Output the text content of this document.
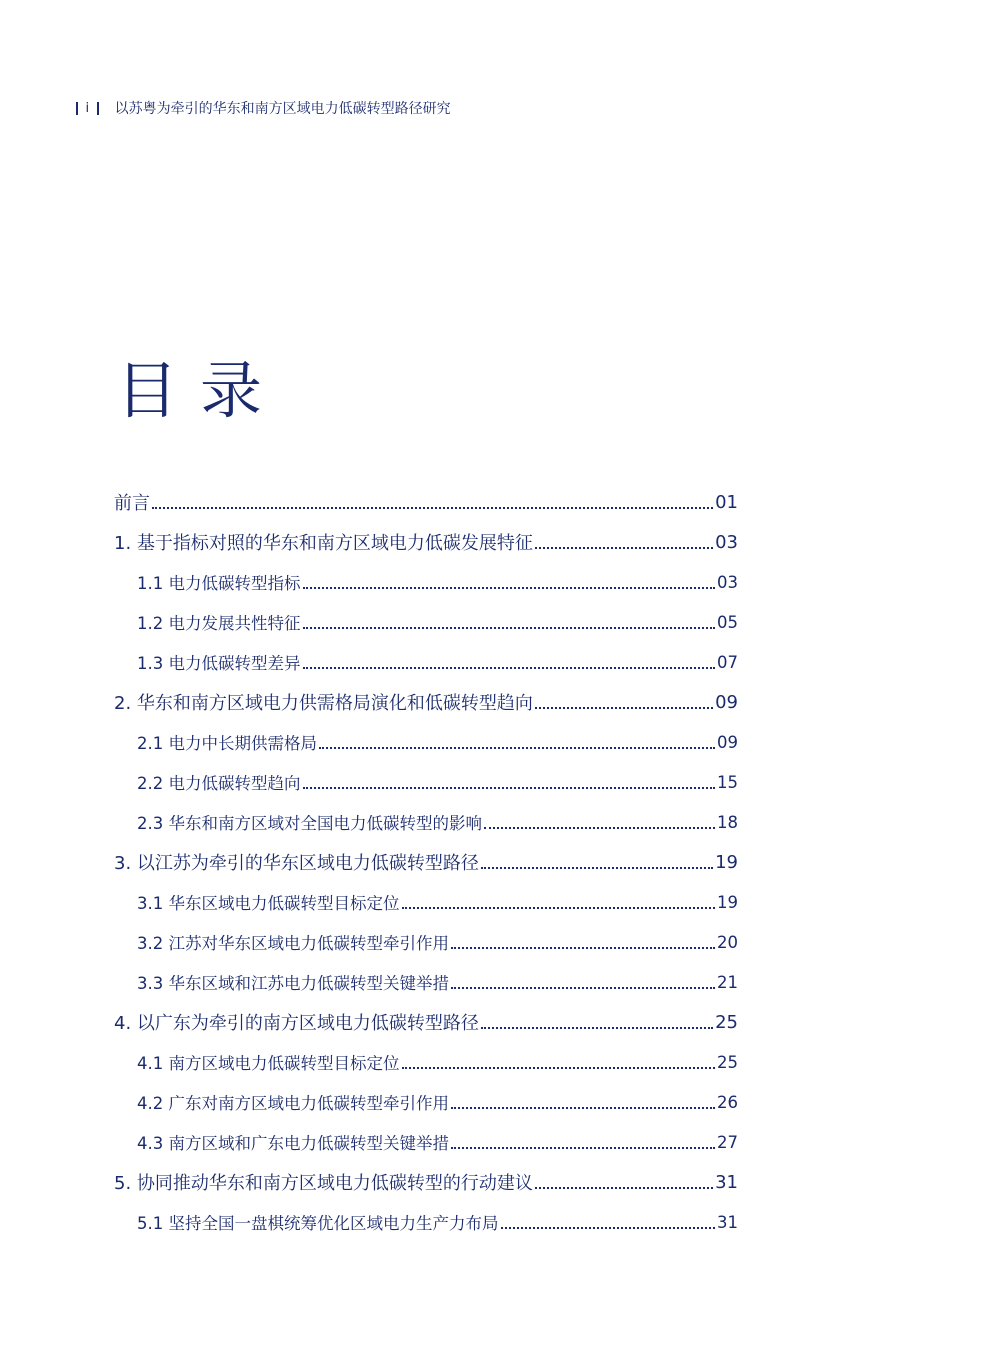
i 以苏粤为牵引的华东和南方区域电力低碳转型路径研究
目录
前言	01
1. 基于指标对照的华东和南方区域电力低碳发展特征	03
1.1 电力低碳转型指标	03
1.2 电力发展共性特征	05
1.3 电力低碳转型差异	07
2. 华东和南方区域电力供需格局演化和低碳转型趋向	09
2.1 电力中长期供需格局	09
2.2 电力低碳转型趋向	15
2.3 华东和南方区域对全国电力低碳转型的影响	18
3. 以江苏为牵引的华东区域电力低碳转型路径	19
3.1 华东区域电力低碳转型目标定位	19
3.2 江苏对华东区域电力低碳转型牵引作用	20
3.3 华东区域和江苏电力低碳转型关键举措	21
4. 以广东为牵引的南方区域电力低碳转型路径	25
4.1 南方区域电力低碳转型目标定位	25
4.2 广东对南方区域电力低碳转型牵引作用	26
4.3 南方区域和广东电力低碳转型关键举措	27
5. 协同推动华东和南方区域电力低碳转型的行动建议	31
5.1 坚持全国一盘棋统筹优化区域电力生产力布局	31
